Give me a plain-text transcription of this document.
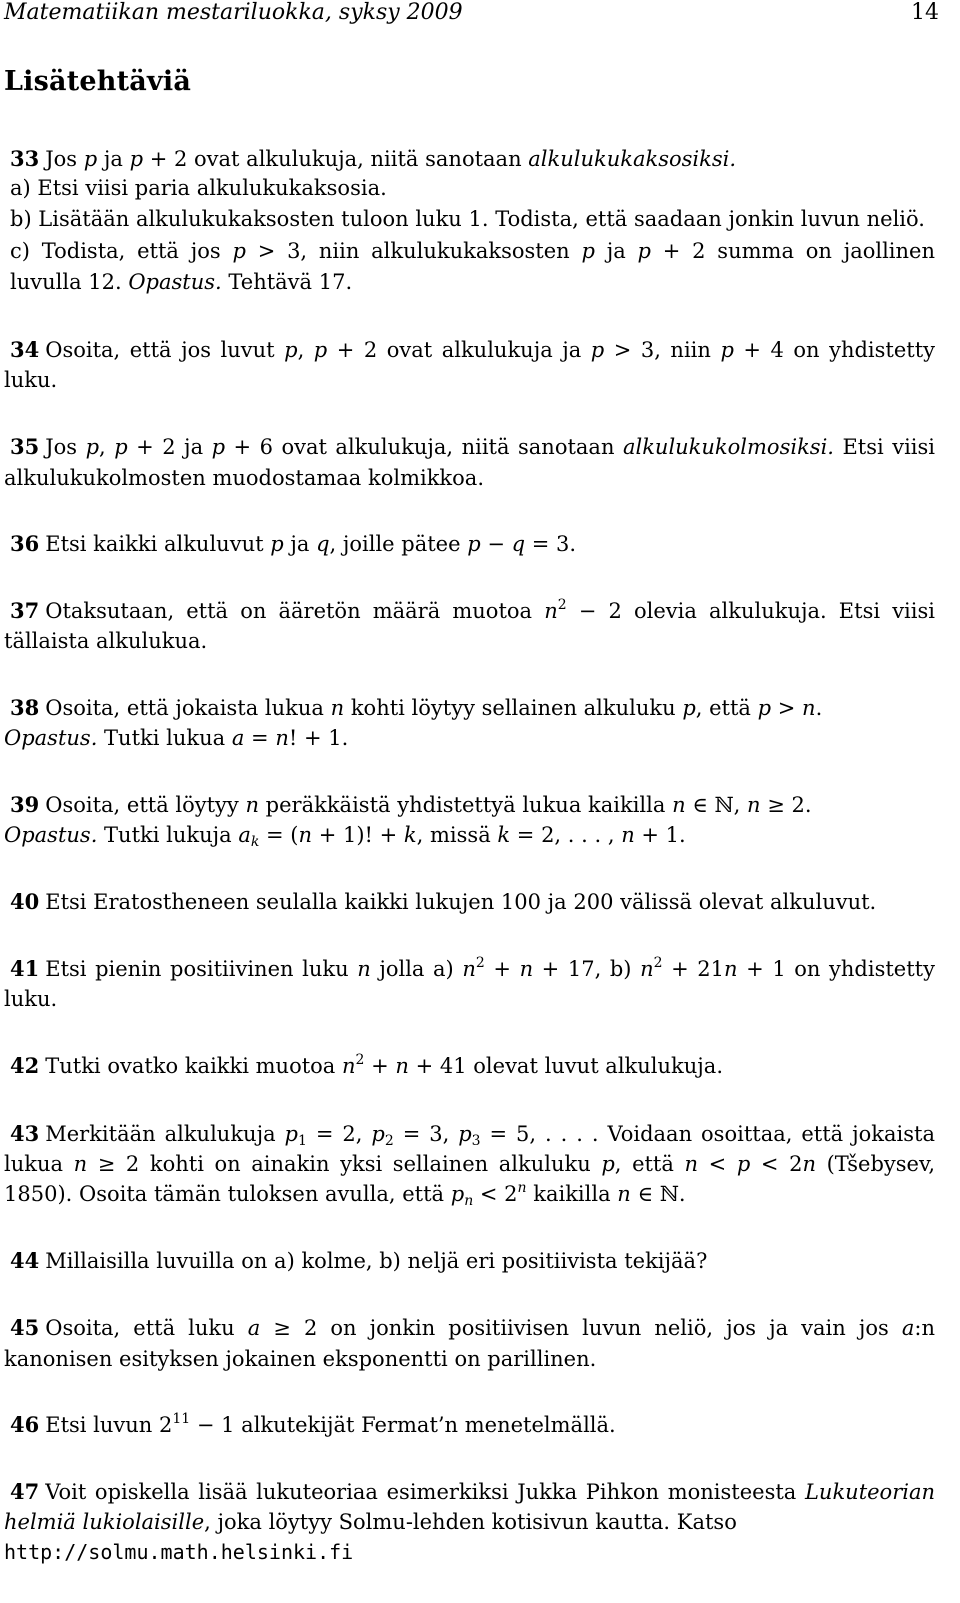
Matematiikan mestariluokka, syksy 2009	14
Lisätehtäviä
33 Jos p ja p + 2 ovat alkulukuja, niitä sanotaan alkulukukaksosiksi.
a) Etsi viisi paria alkulukukaksosia.
b) Lisätään alkulukukaksosten tuloon luku 1. Todista, että saadaan jonkin luvun neliö.
c) Todista, että jos p > 3, niin alkulukukaksosten p ja p + 2 summa on jaollinen
luvulla 12. Opastus. Tehtävä 17.
34 Osoita, että jos luvut p, p + 2 ovat alkulukuja ja p > 3, niin p + 4 on yhdistetty
luku.
35 Jos p, p + 2 ja p + 6 ovat alkulukuja, niitä sanotaan alkulukukolmosiksi. Etsi viisi
alkulukukolmosten muodostamaa kolmikkoa.
36 Etsi kaikki alkuluvut p ja q, joille pätee p − q = 3.
37 Otaksutaan, että on ääretön määrä muotoa $n^2 - 2$ olevia alkulukuja. Etsi viisi
tällaista alkulukua.
38 Osoita, että jokaista lukua n kohti löytyy sellainen alkuluku p, että p > n.
Opastus. Tutki lukua a = n! + 1.
39 Osoita, että löytyy n peräkkäistä yhdistettyä lukua kaikilla n ∈ ℕ, n ≥ 2.
Opastus. Tutki lukuja $a_k = (n + 1)$! + k, missä k = 2, . . . , n + 1.
40 Etsi Eratostheneen seulalla kaikki lukujen 100 ja 200 välissä olevat alkuluvut.
41 Etsi pienin positiivinen luku n jolla a) $n^2 + n + 17$, b) $n^2 + 21n + 1$ on yhdistetty
luku.
42 Tutki ovatko kaikki muotoa $n^2 + n + 41$ olevat luvut alkulukuja.
43 Merkitään alkulukuja $p_1 = 2$, $p_2 = 3$, $p_3 = 5$, . . . . Voidaan osoittaa, että jokaista
lukua n ≥ 2 kohti on ainakin yksi sellainen alkuluku p, että n < p < 2n (Tšebysev,
1850). Osoita tämän tuloksen avulla, että $p_n < 2^n$ kaikilla n ∈ ℕ.
44 Millaisilla luvuilla on a) kolme, b) neljä eri positiivista tekijää?
45 Osoita, että luku a ≥ 2 on jonkin positiivisen luvun neliö, jos ja vain jos a:n
kanonisen esityksen jokainen eksponentti on parillinen.
46 Etsi luvun $2^{11} - 1$ alkutekijät Fermat’n menetelmällä.
47 Voit opiskella lisää lukuteoriaa esimerkiksi Jukka Pihkon monisteesta Lukuteorian
helmiä lukiolaisille, joka löytyy Solmu-lehden kotisivun kautta. Katso
http://solmu.math.helsinki.fi
